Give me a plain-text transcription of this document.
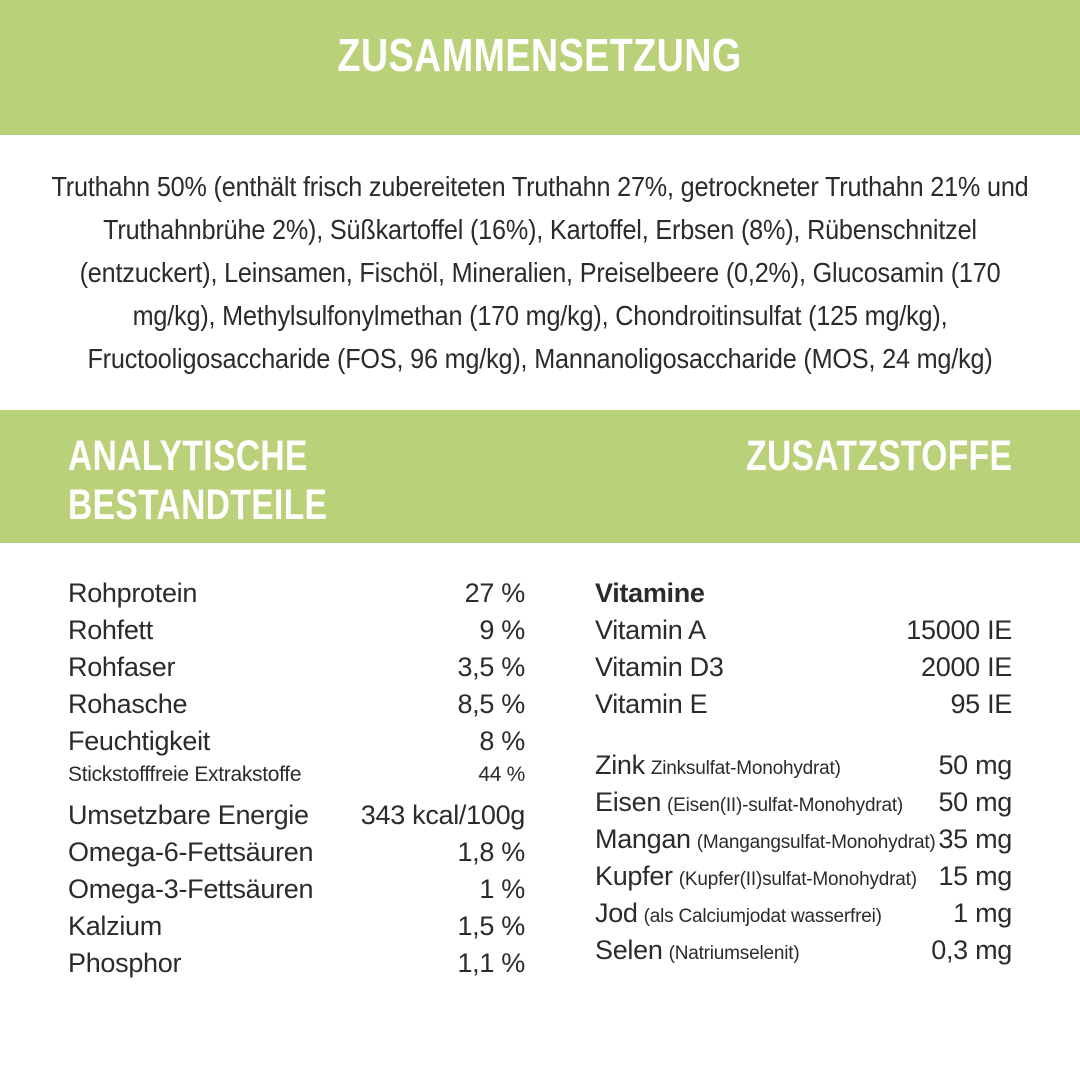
ZUSAMMENSETZUNG

Truthahn 50% (enthält frisch zubereiteten Truthahn 27%, getrockneter Truthahn 21% und Truthahnbrühe 2%), Süßkartoffel (16%), Kartoffel, Erbsen (8%), Rübenschnitzel (entzuckert), Leinsamen, Fischöl, Mineralien, Preiselbeere (0,2%), Glucosamin (170 mg/kg), Methylsulfonylmethan (170 mg/kg), Chondroitinsulfat (125 mg/kg), Fructooligosaccharide (FOS, 96 mg/kg), Mannanoligosaccharide (MOS, 24 mg/kg)

ANALYTISCHE
BESTANDTEILE
ZUSATZSTOFFE
Rohprotein	27 %
Rohfett	9 %
Rohfaser	3,5 %
Rohasche	8,5 %
Feuchtigkeit	8 %
Stickstofffreie Extrakstoffe	44 %
Umsetzbare Energie 343 kcal/100g
Omega-6-Fettsäuren	1,8 %
Omega-3-Fettsäuren	1 %
Kalzium	1,5 %
Phosphor	1,1 %
Vitamine
Vitamin A	15000 IE
Vitamin D3	2000 IE
Vitamin E	95 IE
Zink Zinksulfat-Monohydrat)	50 mg
Eisen (Eisen(II)-sulfat-Monohydrat) 50 mg
Mangan (Mangangsulfat-Monohydrat) 35 mg
Kupfer (Kupfer(II)sulfat-Monohydrat) 15 mg
Jod (als Calciumjodat wasserfrei)	1 mg
Selen (Natriumselenit)	0,3 mg
